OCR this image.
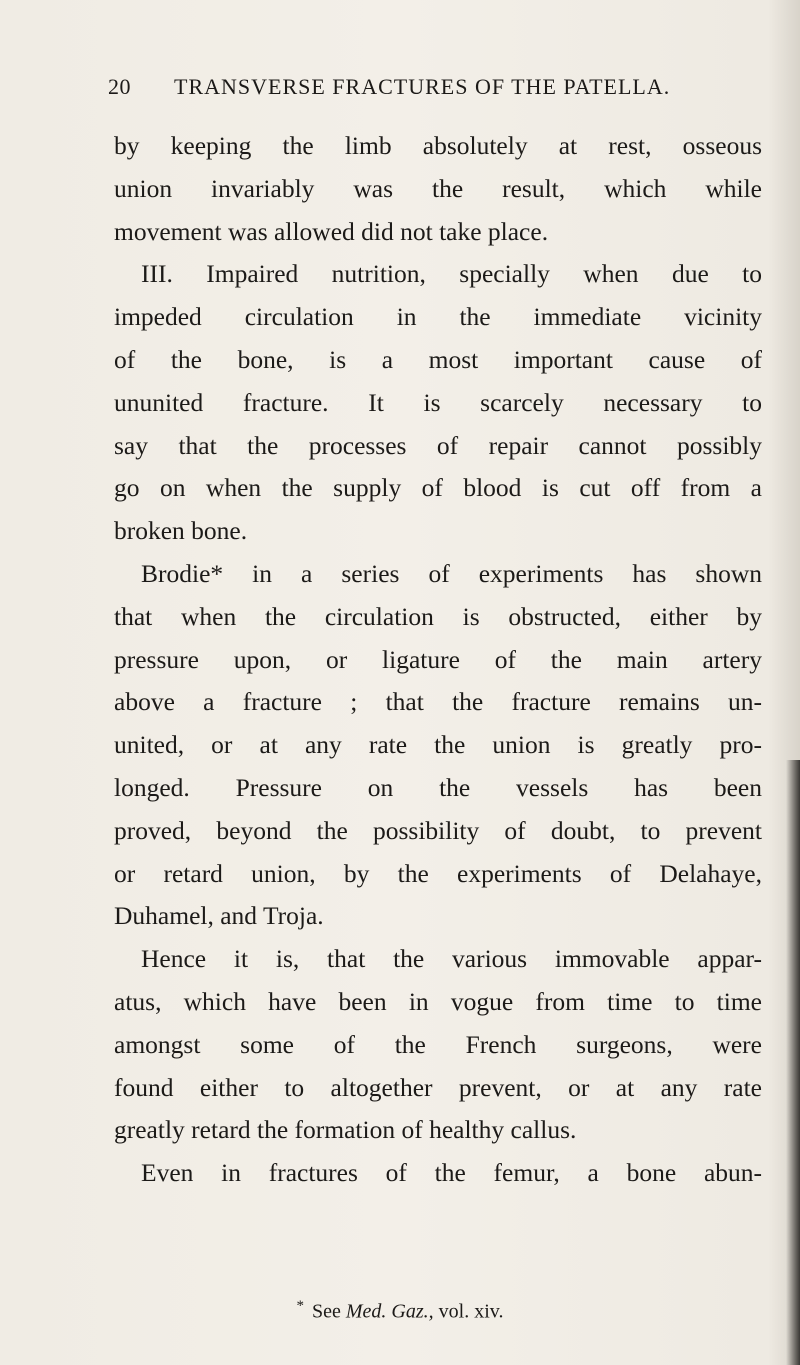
20 TRANSVERSE FRACTURES OF THE PATELLA.
by keeping the limb absolutely at rest, osseous
union invariably was the result, which while
movement was allowed did not take place.
III. Impaired nutrition, specially when due to
impeded circulation in the immediate vicinity
of the bone, is a most important cause of
ununited fracture. It is scarcely necessary to
say that the processes of repair cannot possibly
go on when the supply of blood is cut off from a
broken bone.
Brodie* in a series of experiments has shown
that when the circulation is obstructed, either by
pressure upon, or ligature of the main artery
above a fracture ; that the fracture remains un-
united, or at any rate the union is greatly pro-
longed. Pressure on the vessels has been
proved, beyond the possibility of doubt, to prevent
or retard union, by the experiments of Delahaye,
Duhamel, and Troja.
Hence it is, that the various immovable appar-
atus, which have been in vogue from time to time
amongst some of the French surgeons, were
found either to altogether prevent, or at any rate
greatly retard the formation of healthy callus.
Even in fractures of the femur, a bone abun-
* See Med. Gaz., vol. xiv.
